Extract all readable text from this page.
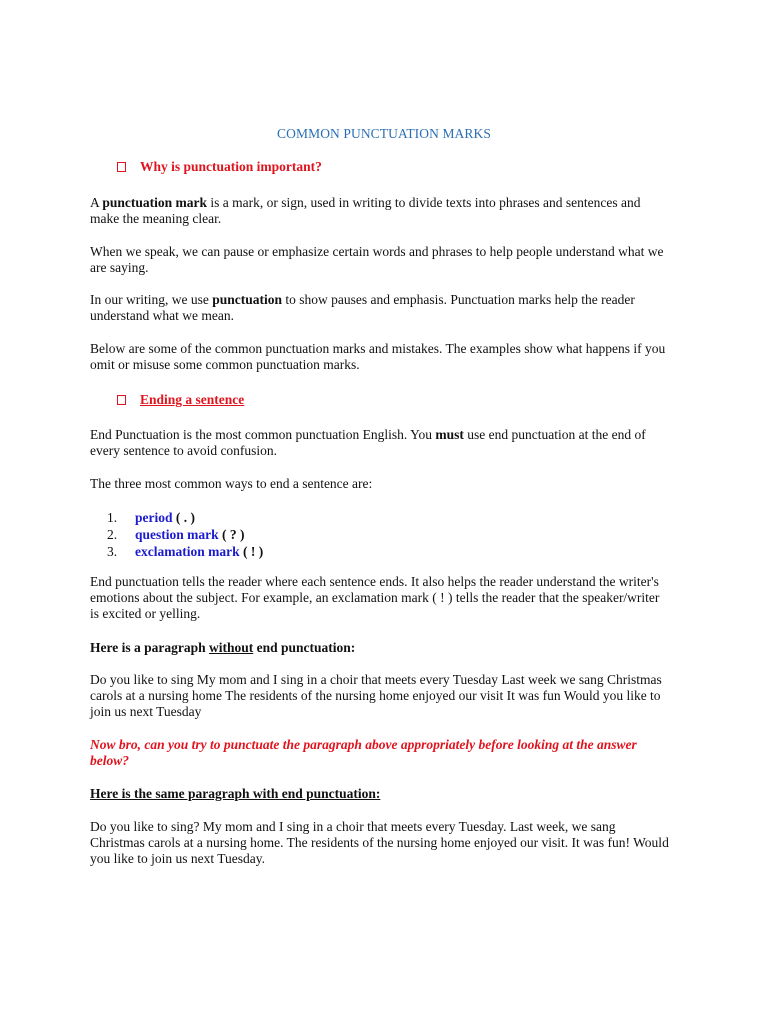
COMMON PUNCTUATION MARKS
Why is punctuation important?

A punctuation mark is a mark, or sign, used in writing to divide texts into phrases and sentences and make the meaning clear.

When we speak, we can pause or emphasize certain words and phrases to help people understand what we are saying.

In our writing, we use punctuation to show pauses and emphasis. Punctuation marks help the reader understand what we mean.

Below are some of the common punctuation marks and mistakes. The examples show what happens if you omit or misuse some common punctuation marks.

Ending a sentence

End Punctuation is the most common punctuation English. You must use end punctuation at the end of every sentence to avoid confusion.

The three most common ways to end a sentence are:

1. period ( . )
2. question mark ( ? )
3. exclamation mark ( ! )

End punctuation tells the reader where each sentence ends. It also helps the reader understand the writer's emotions about the subject. For example, an exclamation mark ( ! ) tells the reader that the speaker/writer is excited or yelling.

Here is a paragraph without end punctuation:

Do you like to sing My mom and I sing in a choir that meets every Tuesday Last week we sang Christmas carols at a nursing home The residents of the nursing home enjoyed our visit It was fun Would you like to join us next Tuesday

Now bro, can you try to punctuate the paragraph above appropriately before looking at the answer below?

Here is the same paragraph with end punctuation:

Do you like to sing? My mom and I sing in a choir that meets every Tuesday. Last week, we sang Christmas carols at a nursing home. The residents of the nursing home enjoyed our visit. It was fun! Would you like to join us next Tuesday.
